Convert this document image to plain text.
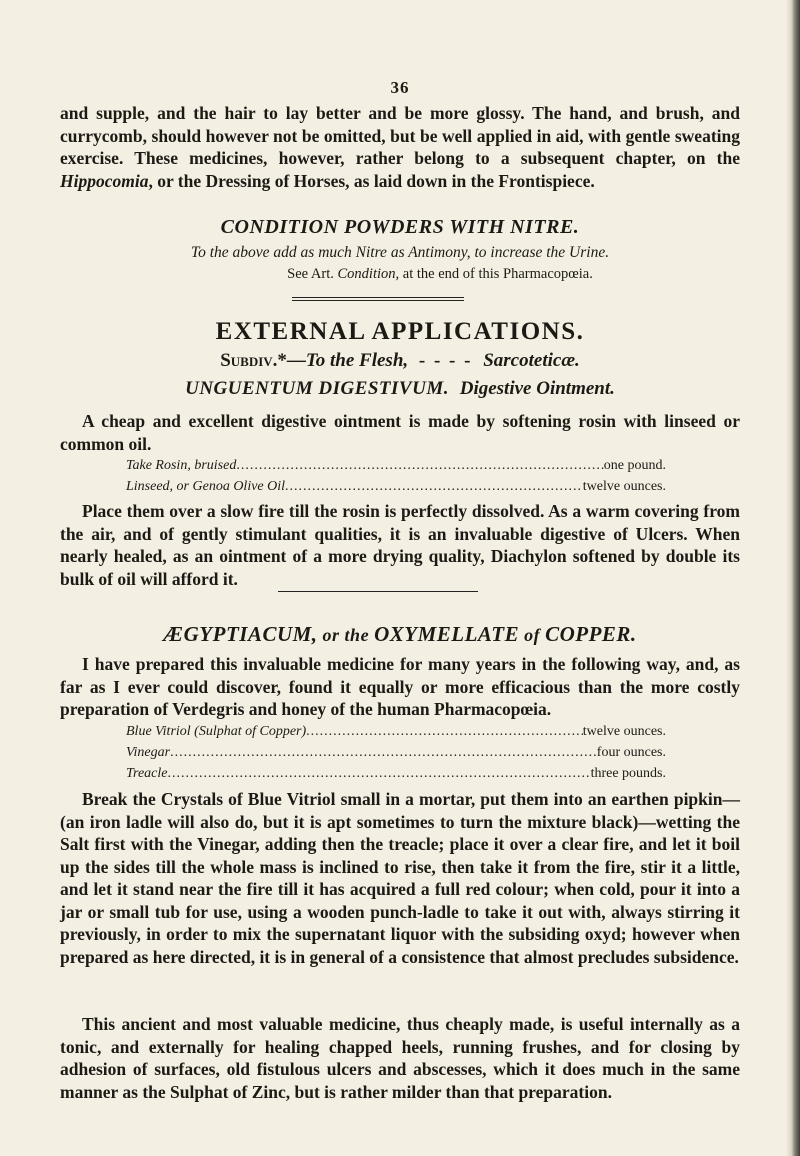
36

and supple, and the hair to lay better and be more glossy. The hand, and brush, and currycomb, should however not be omitted, but be well applied in aid, with gentle sweating exercise. These medicines, however, rather belong to a subsequent chapter, on the Hippocomia, or the Dressing of Horses, as laid down in the Frontispiece.

CONDITION POWDERS WITH NITRE.
To the above add as much Nitre as Antimony, to increase the Urine.
See Art. Condition, at the end of this Pharmacopœia.
EXTERNAL APPLICATIONS.
Subdiv.*—To the Flesh, - - - - Sarcoteticæ.
UNGUENTUM DIGESTIVUM. Digestive Ointment.
A cheap and excellent digestive ointment is made by softening rosin with linseed or common oil.
Take Rosin, bruised .....	one pound.
Linseed, or Genoa Olive Oil .....	twelve ounces.
Place them over a slow fire till the rosin is perfectly dissolved. As a warm covering from the air, and of gently stimulant qualities, it is an invaluable digestive of Ulcers. When nearly healed, as an ointment of a more drying quality, Diachylon softened by double its bulk of oil will afford it.
ÆGYPTIACUM, or the OXYMELLATE of COPPER.
I have prepared this invaluable medicine for many years in the following way, and, as far as I ever could discover, found it equally or more efficacious than the more costly preparation of Verdegris and honey of the human Pharmacopœia.
Blue Vitriol (Sulphat of Copper) .....	twelve ounces.
Vinegar .....	four ounces.
Treacle .....	three pounds.
Break the Crystals of Blue Vitriol small in a mortar, put them into an earthen pipkin—(an iron ladle will also do, but it is apt sometimes to turn the mixture black)—wetting the Salt first with the Vinegar, adding then the treacle; place it over a clear fire, and let it boil up the sides till the whole mass is inclined to rise, then take it from the fire, stir it a little, and let it stand near the fire till it has acquired a full red colour; when cold, pour it into a jar or small tub for use, using a wooden punch-ladle to take it out with, always stirring it previously, in order to mix the supernatant liquor with the subsiding oxyd; however when prepared as here directed, it is in general of a consistence that almost precludes subsidence.
This ancient and most valuable medicine, thus cheaply made, is useful internally as a tonic, and externally for healing chapped heels, running frushes, and for closing by adhesion of surfaces, old fistulous ulcers and abscesses, which it does much in the same manner as the Sulphat of Zinc, but is rather milder than that preparation.
